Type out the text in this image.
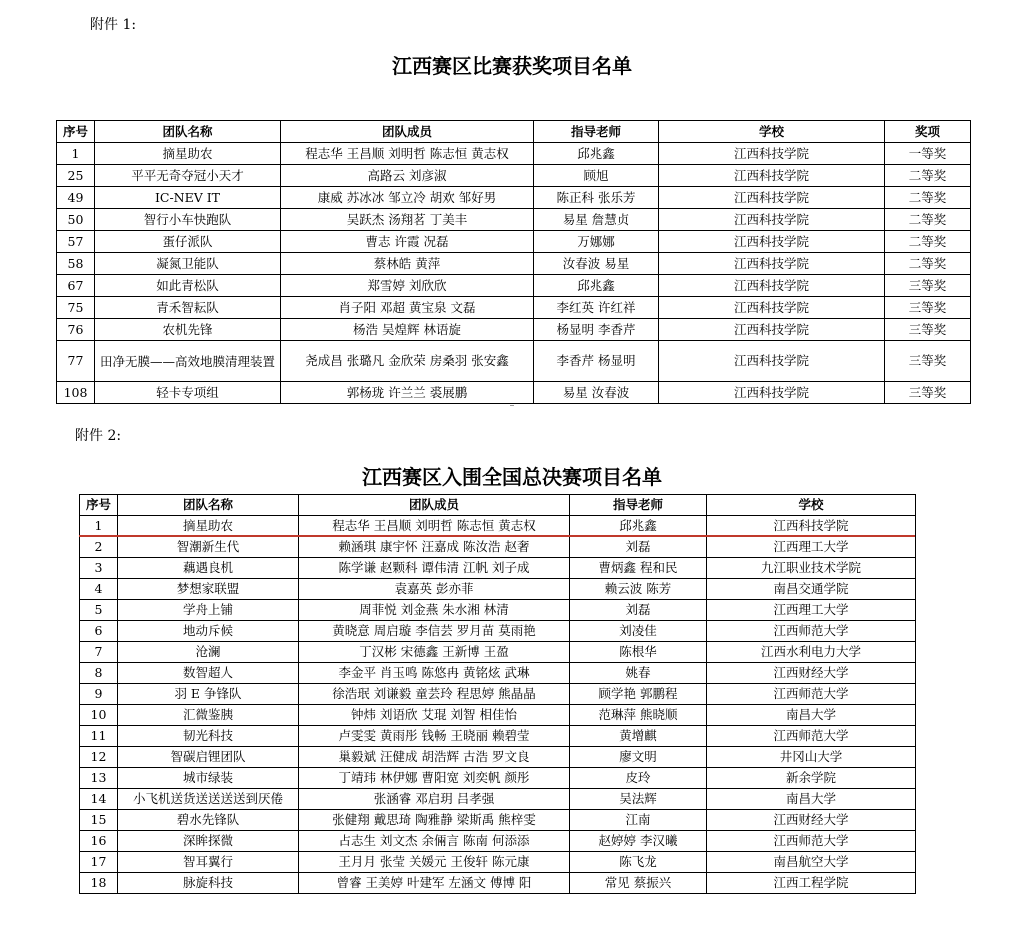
附件 1:
江西赛区比赛获奖项目名单
序号	团队名称	团队成员	指导老师	学校	奖项
1	摘星助农	程志华 王昌顺 刘明哲 陈志恒 黄志权	邱兆鑫	江西科技学院	一等奖
25	平平无奇夺冠小天才	高路云 刘彦淑	顾旭	江西科技学院	二等奖
49	IC-NEV IT	康威 苏冰冰 邹立冷 胡欢 邹好男	陈正科 张乐芳	江西科技学院	二等奖
50	智行小车快跑队	吴跃杰 汤翔茗 丁美丰	易星 詹慧贞	江西科技学院	二等奖
57	蛋仔派队	曹志 许霞 况磊	万娜娜	江西科技学院	二等奖
58	凝氮卫能队	蔡林皓 黄萍	汝春波 易星	江西科技学院	二等奖
67	如此青松队	郑雪婷 刘欣欣	邱兆鑫	江西科技学院	三等奖
75	青禾智耘队	肖子阳 邓超 黄宝泉 文磊	李红英 许红祥	江西科技学院	三等奖
76	农机先锋	杨浩 吴煌辉 林语旋	杨显明 李香芹	江西科技学院	三等奖
77	田净无膜——高效地膜清理装置	尧成昌 张璐凡 金欣荣 房桑羽 张安鑫	李香芹 杨显明	江西科技学院	三等奖
108	轻卡专项组	郭杨珑 许兰兰 裘展鹏	易星 汝春波	江西科技学院	三等奖
附件 2:
江西赛区入围全国总决赛项目名单
序号	团队名称	团队成员	指导老师	学校
1	摘星助农	程志华 王昌顺 刘明哲 陈志恒 黄志权	邱兆鑫	江西科技学院
2	智潮新生代	赖涵琪 康宇怀 汪嘉成 陈汝浩 赵奢	刘磊	江西理工大学
3	藕遇良机	陈学谦 赵颗科 谭伟清 江帆 刘子成	曹炳鑫 程和民	九江职业技术学院
4	梦想家联盟	袁嘉英 彭亦菲	赖云波 陈芳	南昌交通学院
5	学舟上铺	周菲悦 刘金燕 朱水湘 林清	刘磊	江西理工大学
6	地动斥候	黄晓意 周启璇 李信芸 罗月苗 莫雨艳	刘凌佳	江西师范大学
7	沧澜	丁汉彬 宋德鑫 王新博 王盈	陈根华	江西水利电力大学
8	数智超人	李金平 肖玉鸣 陈悠冉 黄铭炫 武琳	姚春	江西财经大学
9	羽 E 争锋队	徐浩珉 刘谦毅 童芸玲 程思婷 熊晶晶	顾学艳 郭鹏程	江西师范大学
10	汇微鉴胰	钟炜 刘语欣 艾琨 刘智 相佳怡	范琳萍 熊晓顺	南昌大学
11	韧光科技	卢雯雯 黄雨彤 钱畅 王晓丽 赖碧莹	黄增麒	江西师范大学
12	智碳启锂团队	巢毅斌 汪健成 胡浩辉 古浩 罗文良	廖文明	井冈山大学
13	城市绿装	丁靖玮 林伊娜 曹阳宽 刘奕帆 颜彤	皮玲	新余学院
14	小飞机送货送送送送到厌倦	张涵睿 邓启玥 吕孝强	吴法辉	南昌大学
15	碧水先锋队	张健翔 戴思琦 陶雅静 梁斯禹 熊梓雯	江南	江西财经大学
16	深眸探微	占志生 刘文杰 余倆言 陈南 何添添	赵婷婷 李汉曦	江西师范大学
17	智耳翼行	王月月 张莹 关媛元 王俊轩 陈元康	陈飞龙	南昌航空大学
18	脉旋科技	曾睿 王美婷 叶建军 左涵文 傅博 阳	常见 蔡振兴	江西工程学院
